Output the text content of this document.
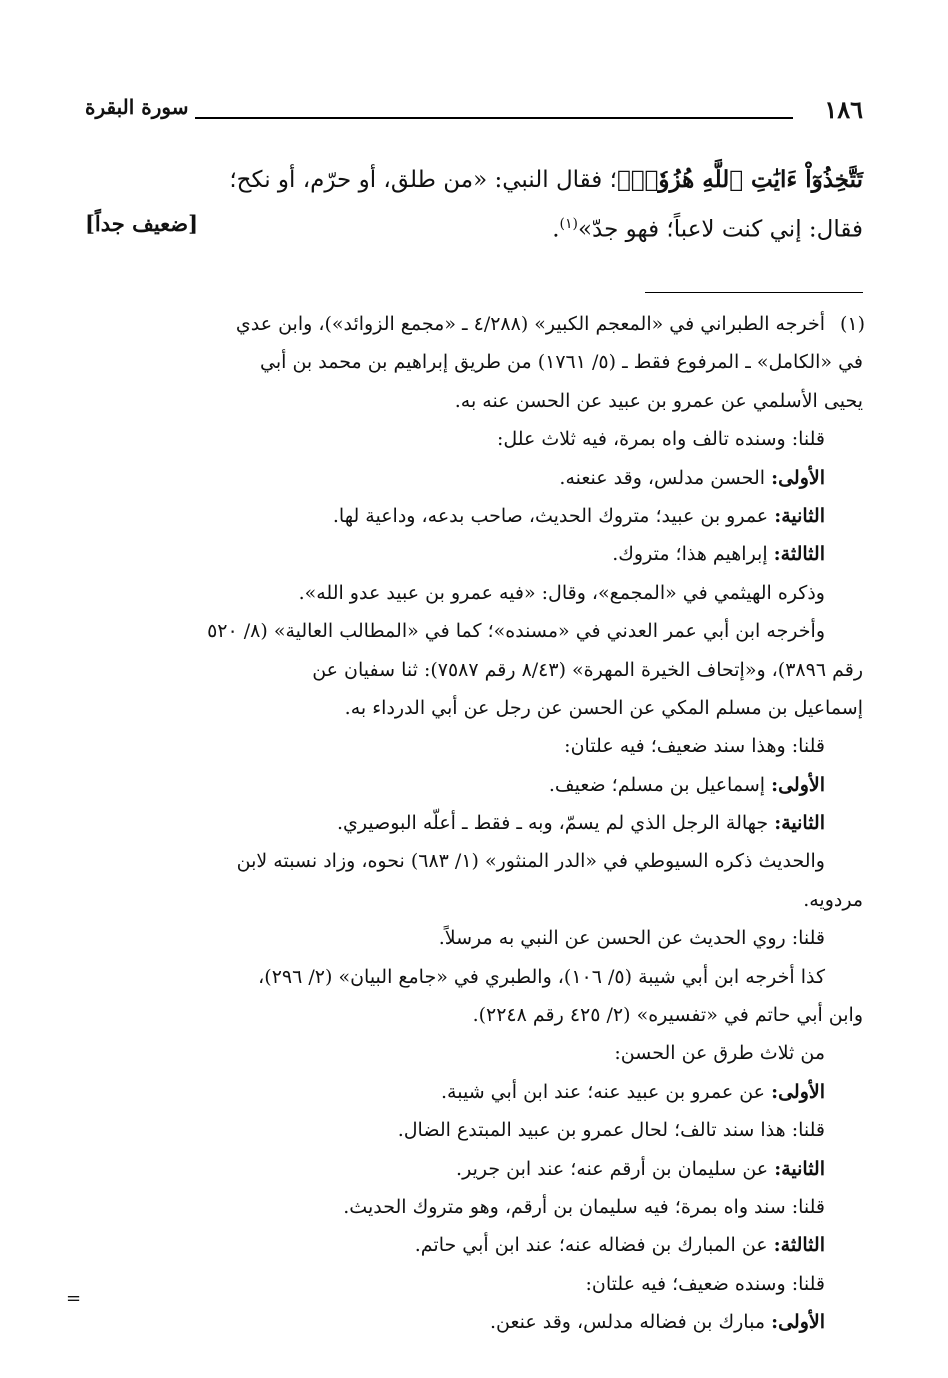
١٨٦
سورة البقرة
تَتَّخِذُوٓاْ ءَايَٰتِ ٱللَّهِ هُزُوٗاۚ﴾؛ فقال النبي: «من طلق، أو حرّم، أو نكح؛
فقال: إني كنت لاعباً؛ فهو جدّ»$^{(١)}$.
[ضعيف جداً]
(١)
أخرجه الطبراني في «المعجم الكبير» (٤/٢٨٨ ـ «مجمع الزوائد»)، وابن عدي
في «الكامل» ـ المرفوع فقط ـ (٥/ ١٧٦١) من طريق إبراهيم بن محمد بن أبي
يحيى الأسلمي عن عمرو بن عبيد عن الحسن عنه به.
قلنا: وسنده تالف واه بمرة، فيه ثلاث علل:
الأولى: الحسن مدلس، وقد عنعنه.
الثانية: عمرو بن عبيد؛ متروك الحديث، صاحب بدعه، وداعية لها.
الثالثة: إبراهيم هذا؛ متروك.
وذكره الهيثمي في «المجمع»، وقال: «فيه عمرو بن عبيد عدو الله».
وأخرجه ابن أبي عمر العدني في «مسنده»؛ كما في «المطالب العالية» (٨/ ٥٢٠
رقم ٣٨٩٦)، و«إتحاف الخيرة المهرة» (٨/٤٣ رقم ٧٥٨٧): ثنا سفيان عن
إسماعيل بن مسلم المكي عن الحسن عن رجل عن أبي الدرداء به.
قلنا: وهذا سند ضعيف؛ فيه علتان:
الأولى: إسماعيل بن مسلم؛ ضعيف.
الثانية: جهالة الرجل الذي لم يسمّ، وبه ـ فقط ـ أعلّه البوصيري.
والحديث ذكره السيوطي في «الدر المنثور» (١/ ٦٨٣) نحوه، وزاد نسبته لابن
مردويه.
قلنا: روي الحديث عن الحسن عن النبي به مرسلاً.
كذا أخرجه ابن أبي شيبة (٥/ ١٠٦)، والطبري في «جامع البيان» (٢/ ٢٩٦)،
وابن أبي حاتم في «تفسيره» (٢/ ٤٢٥ رقم ٢٢٤٨).
من ثلاث طرق عن الحسن:
الأولى: عن عمرو بن عبيد عنه؛ عند ابن أبي شيبة.
قلنا: هذا سند تالف؛ لحال عمرو بن عبيد المبتدع الضال.
الثانية: عن سليمان بن أرقم عنه؛ عند ابن جرير.
قلنا: سند واه بمرة؛ فيه سليمان بن أرقم، وهو متروك الحديث.
الثالثة: عن المبارك بن فضاله عنه؛ عند ابن أبي حاتم.
قلنا: وسنده ضعيف؛ فيه علتان:
الأولى: مبارك بن فضاله مدلس، وقد عنعن.
=
